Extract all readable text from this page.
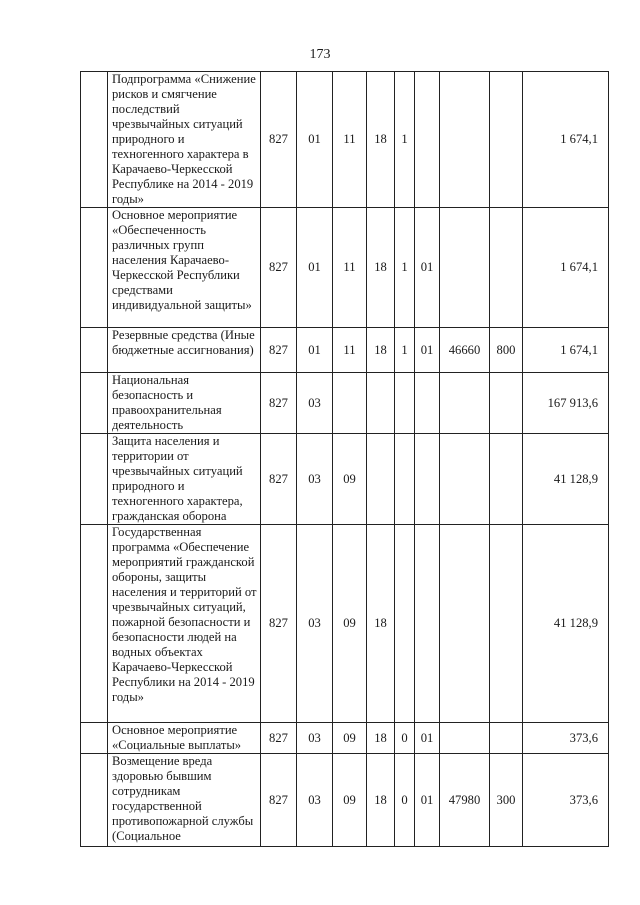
173
	Подпрограмма «Снижение рисков и смягчение последствий чрезвычайных ситуаций природного и техногенного характера в Карачаево-Черкесской Республике на 2014 - 2019 годы»	827	01	11	18	1				1 674,1
	Основное мероприятие «Обеспеченность различных групп населения Карачаево-Черкесской Республики средствами индивидуальной защиты»	827	01	11	18	1	01			1 674,1
	Резервные средства (Иные бюджетные ассигнования)	827	01	11	18	1	01	46660	800	1 674,1
	Национальная безопасность и правоохранительная деятельность	827	03							167 913,6
	Защита населения и территории от чрезвычайных ситуаций природного и техногенного характера, гражданская оборона	827	03	09						41 128,9
	Государственная программа «Обеспечение мероприятий гражданской обороны, защиты населения и территорий от чрезвычайных ситуаций, пожарной безопасности и безопасности людей на водных объектах Карачаево-Черкесской Республики на 2014 - 2019 годы»	827	03	09	18					41 128,9
	Основное мероприятие «Социальные выплаты»	827	03	09	18	0	01			373,6
	Возмещение вреда здоровью бывшим сотрудникам государственной противопожарной службы (Социальное	827	03	09	18	0	01	47980	300	373,6
